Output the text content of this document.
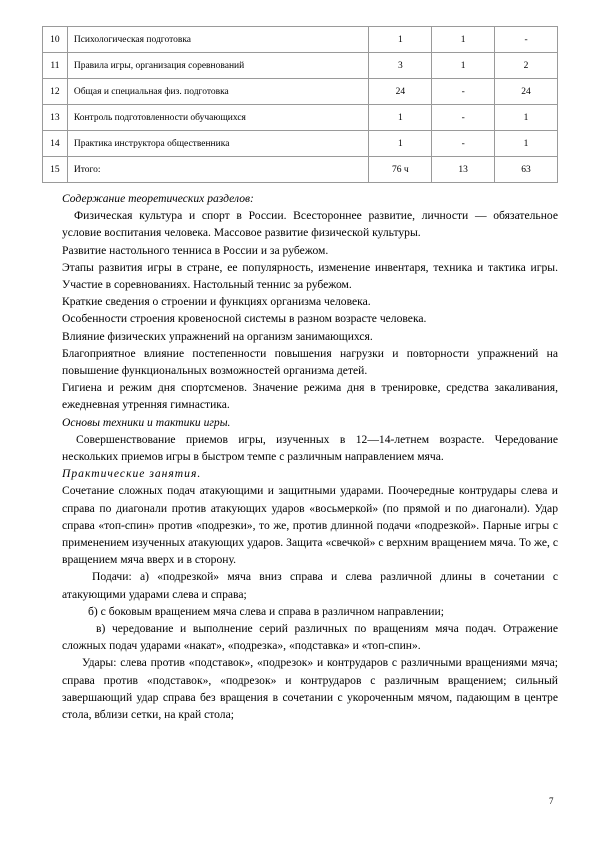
10	Психологическая подготовка	1	1	-
11	Правила игры, организация соревнований	3	1	2
12	Общая и специальная физ. подготовка	24	-	24
13	Контроль подготовленности обучающихся	1	-	1
14	Практика инструктора общественника	1	-	1
15	Итого:	76 ч	13	63

Содержание теоретических разделов:

Физическая культура и спорт в России. Всестороннее развитие, личности — обязательное условие воспитания человека. Массовое развитие физической культуры.

Развитие настольного тенниса в России и за рубежом.

Этапы развития игры в стране, ее популярность, изменение инвентаря, техника и тактика игры. Участие в соревнованиях. Настольный теннис за рубежом.

Краткие сведения о строении и функциях организма человека.

Особенности строения кровеносной системы в разном возрасте человека.

Влияние физических упражнений на организм занимающихся.

Благоприятное влияние постепенности повышения нагрузки и повторности упражнений на повышение функциональных возможностей организма детей.

Гигиена и режим дня спортсменов. Значение режима дня в тренировке, средства закаливания, ежедневная утренняя гимнастика.

Основы техники и тактики игры.

Совершенствование приемов игры, изученных в 12—14-летнем возрасте. Чередование нескольких приемов игры в быстром темпе с различным направлением мяча.

Практические занятия.

Сочетание сложных подач атакующими и защитными ударами. Поочередные контрудары слева и справа по диагонали против атакующих ударов «восьмеркой» (по прямой и по диагонали). Удар справа «топ-спин» против «подрезки», то же, против длинной подачи «подрезкой». Парные игры с применением изученных атакующих ударов. Защита «свечкой» с верхним вращением мяча. То же, с вращением мяча вверх и в сторону.

Подачи: а) «подрезкой» мяча вниз справа и слева различной длины в сочетании с атакующими ударами слева и справа;

б) с боковым вращением мяча слева и справа в различном направлении;

в) чередование и выполнение серий различных по вращениям мяча подач. Отражение сложных подач ударами «накат», «подрезка», «подставка» и «топ-спин».

Удары: слева против «подставок», «подрезок» и контрударов с различными вращениями мяча; справа против «подставок», «подрезок» и контрударов с различным вращением; сильный завершающий удар справа без вращения в сочетании с укороченным мячом, падающим в центре стола, вблизи сетки, на край стола;

7
